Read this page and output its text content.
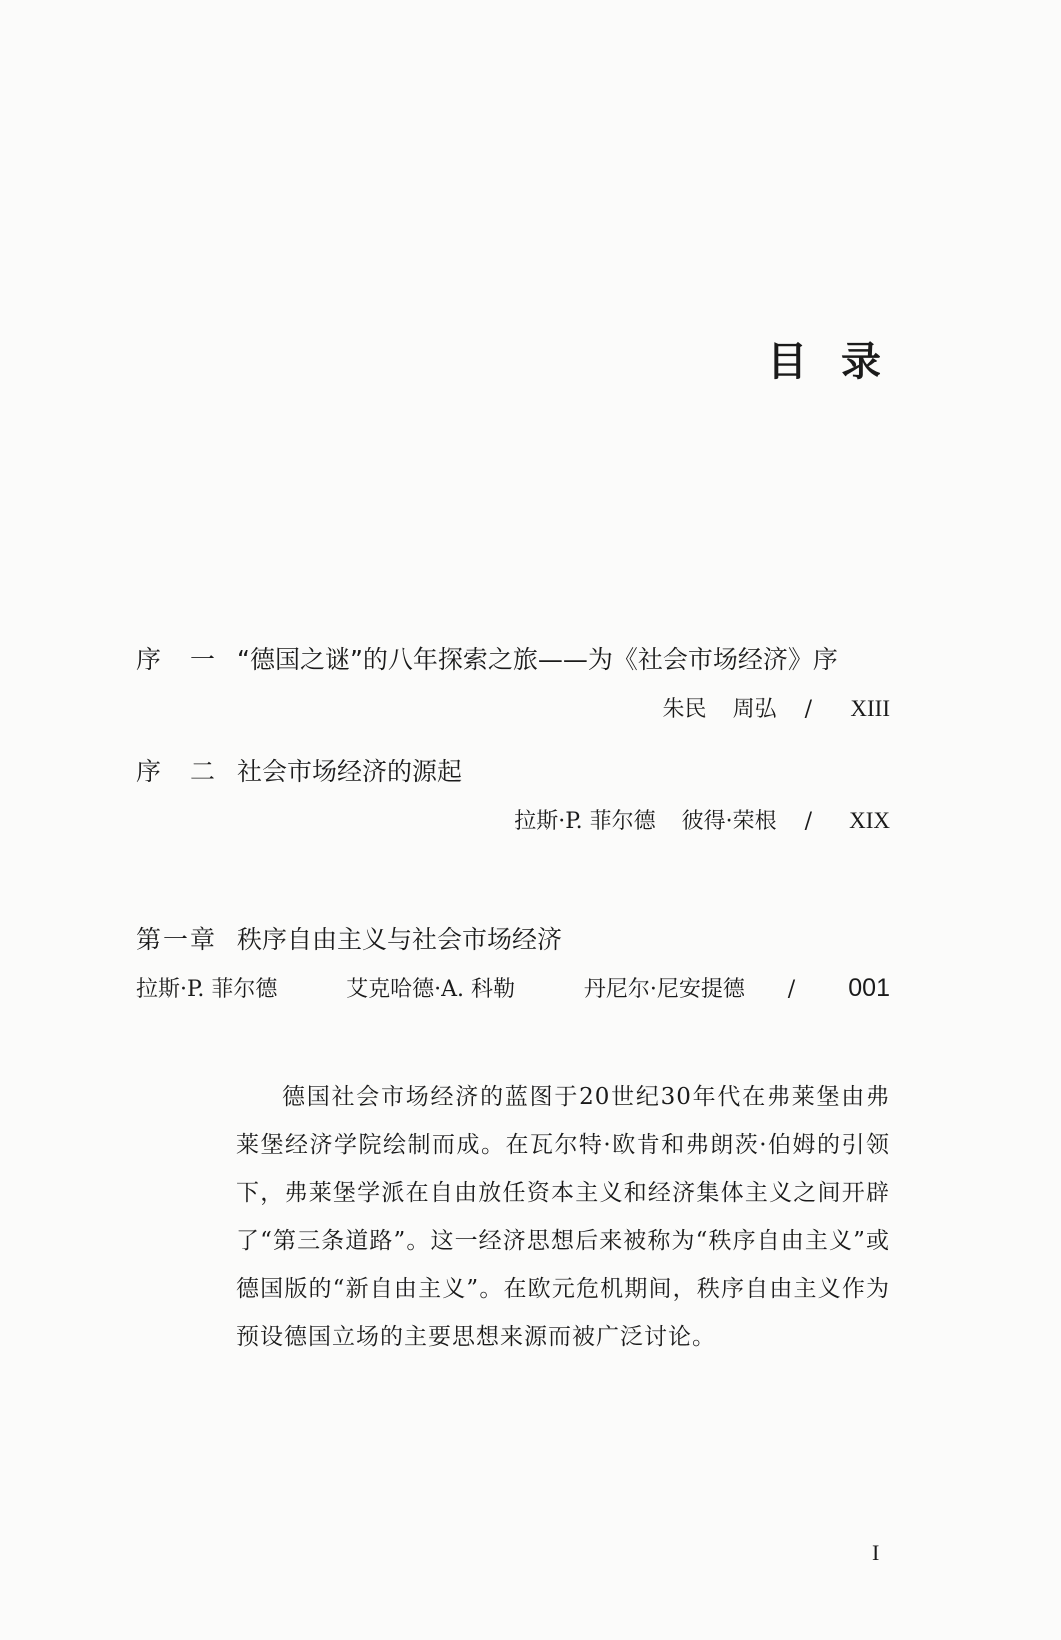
目 录
序　一 “德国之谜”的八年探索之旅——为《社会市场经济》序
朱民 周弘 /	XIII
序　二 社会市场经济的源起
拉斯·P. 菲尔德 彼得·荣根 /	XIX
第一章 秩序自由主义与社会市场经济
拉斯·P. 菲尔德	艾克哈德·A. 科勒	丹尼尔·尼安提德 /	001
德国社会市场经济的蓝图于20世纪30年代在弗莱堡由弗莱堡经济学院绘制而成。在瓦尔特·欧肯和弗朗茨·伯姆的引领下，弗莱堡学派在自由放任资本主义和经济集体主义之间开辟了“第三条道路”。这一经济思想后来被称为“秩序自由主义”或德国版的“新自由主义”。在欧元危机期间，秩序自由主义作为预设德国立场的主要思想来源而被广泛讨论。
I
